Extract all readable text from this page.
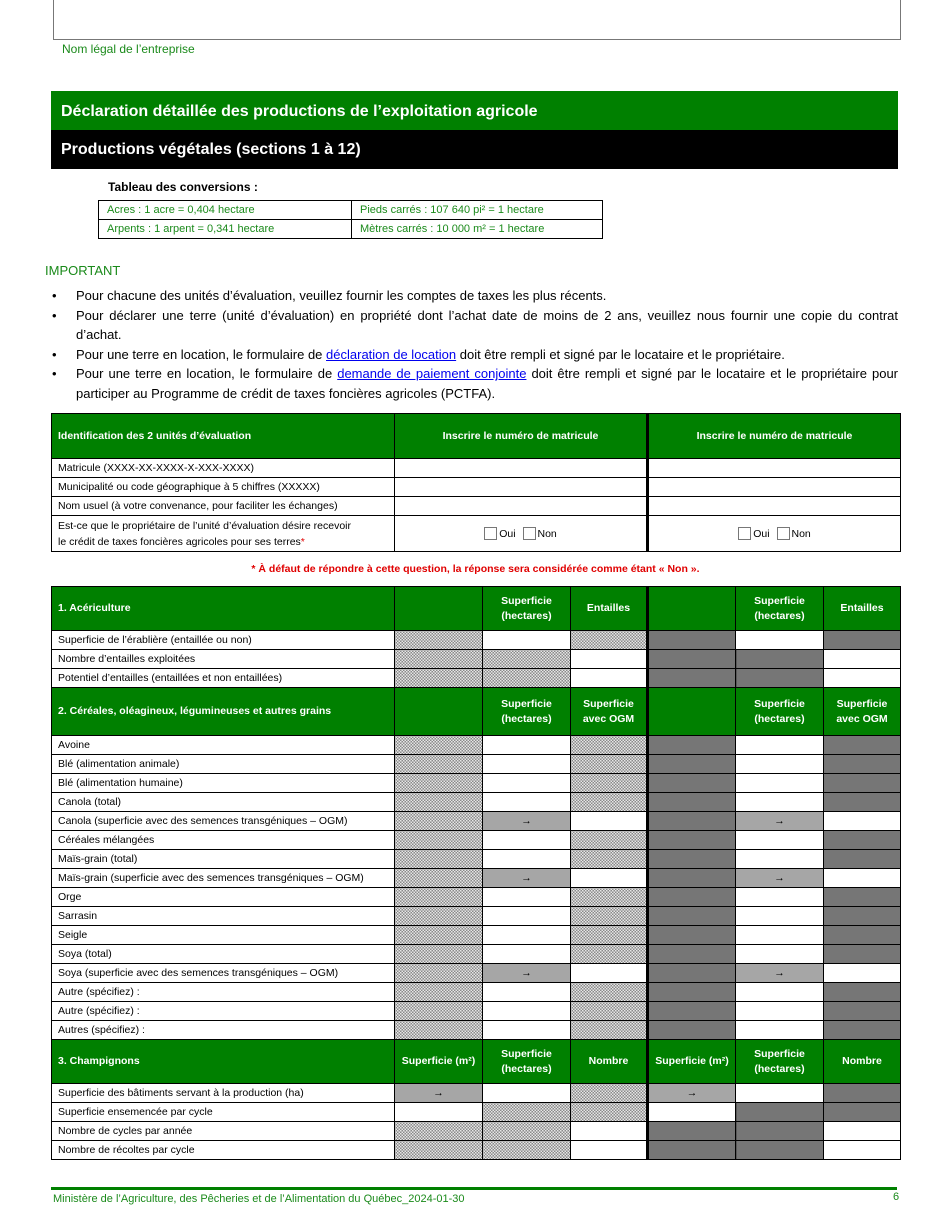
Nom légal de l’entreprise
Déclaration détaillée des productions de l’exploitation agricole
Productions végétales (sections 1 à 12)
Tableau des conversions :
Acres : 1 acre = 0,404 hectare	Pieds carrés : 107 640 pi² = 1 hectare
Arpents : 1 arpent = 0,341 hectare	Mètres carrés : 10 000 m² = 1 hectare
IMPORTANT
• Pour chacune des unités d’évaluation, veuillez fournir les comptes de taxes les plus récents.
• Pour déclarer une terre (unité d’évaluation) en propriété dont l’achat date de moins de 2 ans, veuillez nous fournir une copie du contrat d’achat.
• Pour une terre en location, le formulaire de déclaration de location doit être rempli et signé par le locataire et le propriétaire.
• Pour une terre en location, le formulaire de demande de paiement conjointe doit être rempli et signé par le locataire et le propriétaire pour participer au Programme de crédit de taxes foncières agricoles (PCTFA).
Identification des 2 unités d’évaluation	Inscrire le numéro de matricule	Inscrire le numéro de matricule
Matricule (XXXX-XX-XXXX-X-XXX-XXXX)		
Municipalité ou code géographique à 5 chiffres (XXXXX)		
Nom usuel (à votre convenance, pour faciliter les échanges)		
Est-ce que le propriétaire de l’unité d’évaluation désire recevoir
le crédit de taxes foncières agricoles pour ses terres*	Oui Non	Oui Non
* À défaut de répondre à cette question, la réponse sera considérée comme étant « Non ».
1. Acériculture		Superficie (hectares)	Entailles		Superficie (hectares)	Entailles
Superficie de l’érablière (entaillée ou non)						
Nombre d’entailles exploitées						
Potentiel d’entailles (entaillées et non entaillées)						
2. Céréales, oléagineux, légumineuses et autres grains		Superficie (hectares)	Superficie avec OGM		Superficie (hectares)	Superficie avec OGM
Avoine						
Blé (alimentation animale)						
Blé (alimentation humaine)						
Canola (total)						
Canola (superficie avec des semences transgéniques – OGM)		→			→	
Céréales mélangées						
Maïs-grain (total)						
Maïs-grain (superficie avec des semences transgéniques – OGM)		→			→	
Orge						
Sarrasin						
Seigle						
Soya (total)						
Soya (superficie avec des semences transgéniques – OGM)		→			→	
Autre (spécifiez) :						
Autre (spécifiez) :						
Autres (spécifiez) :						
3. Champignons	Superficie (m²)	Superficie (hectares)	Nombre	Superficie (m²)	Superficie (hectares)	Nombre
Superficie des bâtiments servant à la production (ha)	→			→		
Superficie ensemencée par cycle						
Nombre de cycles par année						
Nombre de récoltes par cycle						
Ministère de l’Agriculture, des Pêcheries et de l’Alimentation du Québec_2024-01-30	6
